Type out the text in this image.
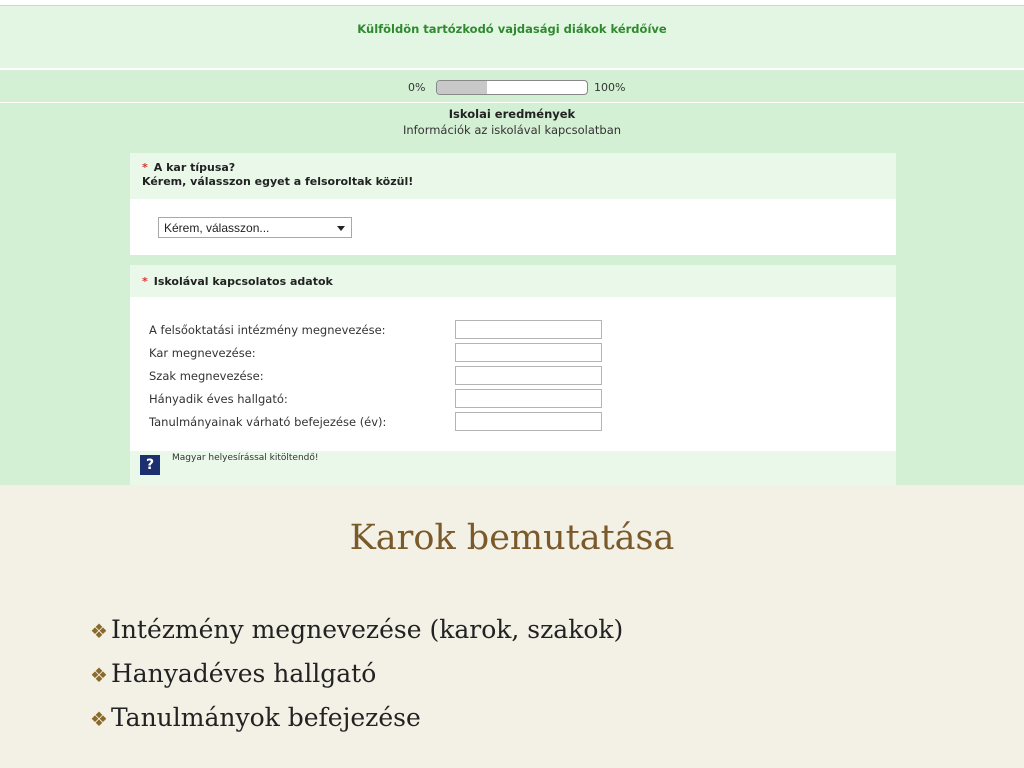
Külföldön tartózkodó vajdasági diákok kérdőíve
0%	100%
Iskolai eredmények
Információk az iskolával kapcsolatban
* A kar típusa?
Kérem, válasszon egyet a felsoroltak közül!
Kérem, válasszon...
* Iskolával kapcsolatos adatok
A felsőoktatási intézmény megnevezése:
Kar megnevezése:
Szak megnevezése:
Hányadik éves hallgató:
Tanulmányainak várható befejezése (év):
?	Magyar helyesírással kitöltendő!
Karok bemutatása
❖ Intézmény megnevezése (karok, szakok)
❖ Hanyadéves hallgató
❖ Tanulmányok befejezése
